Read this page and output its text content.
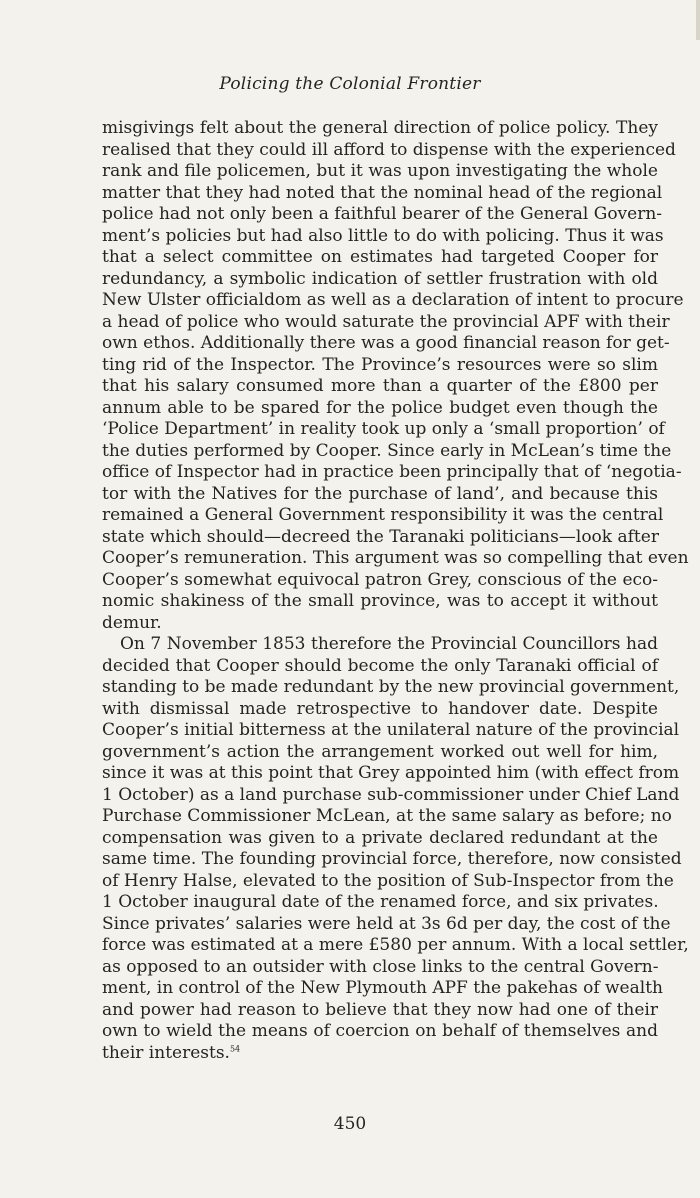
Policing the Colonial Frontier

misgivings felt about the general direction of police policy. They
realised that they could ill afford to dispense with the experienced
rank and file policemen, but it was upon investigating the whole
matter that they had noted that the nominal head of the regional
police had not only been a faithful bearer of the General Govern-
ment’s policies but had also little to do with policing. Thus it was
that a select committee on estimates had targeted Cooper for
redundancy, a symbolic indication of settler frustration with old
New Ulster officialdom as well as a declaration of intent to procure
a head of police who would saturate the provincial APF with their
own ethos. Additionally there was a good financial reason for get-
ting rid of the Inspector. The Province’s resources were so slim
that his salary consumed more than a quarter of the £800 per
annum able to be spared for the police budget even though the
‘Police Department’ in reality took up only a ‘small proportion’ of
the duties performed by Cooper. Since early in McLean’s time the
office of Inspector had in practice been principally that of ‘negotia-
tor with the Natives for the purchase of land’, and because this
remained a General Government responsibility it was the central
state which should—decreed the Taranaki politicians—look after
Cooper’s remuneration. This argument was so compelling that even
Cooper’s somewhat equivocal patron Grey, conscious of the eco-
nomic shakiness of the small province, was to accept it without
demur.

On 7 November 1853 therefore the Provincial Councillors had
decided that Cooper should become the only Taranaki official of
standing to be made redundant by the new provincial government,
with dismissal made retrospective to handover date. Despite
Cooper’s initial bitterness at the unilateral nature of the provincial
government’s action the arrangement worked out well for him,
since it was at this point that Grey appointed him (with effect from
1 October) as a land purchase sub-commissioner under Chief Land
Purchase Commissioner McLean, at the same salary as before; no
compensation was given to a private declared redundant at the
same time. The founding provincial force, therefore, now consisted
of Henry Halse, elevated to the position of Sub-Inspector from the
1 October inaugural date of the renamed force, and six privates.
Since privates’ salaries were held at 3s 6d per day, the cost of the
force was estimated at a mere £580 per annum. With a local settler,
as opposed to an outsider with close links to the central Govern-
ment, in control of the New Plymouth APF the pakehas of wealth
and power had reason to believe that they now had one of their
own to wield the means of coercion on behalf of themselves and
their interests.$^{54}$

450
